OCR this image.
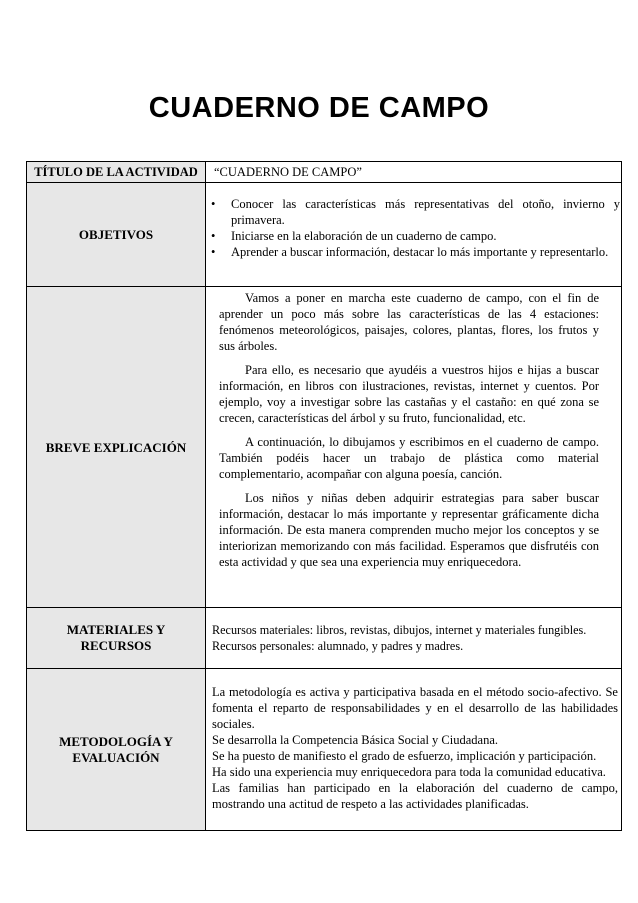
CUADERNO DE CAMPO
TÍTULO DE LA ACTIVIDAD	“CUADERNO DE CAMPO”
OBJETIVOS
• Conocer las características más representativas del otoño, invierno y primavera.
• Iniciarse en la elaboración de un cuaderno de campo.
• Aprender a buscar información, destacar lo más importante y representarlo.
BREVE EXPLICACIÓN

Vamos a poner en marcha este cuaderno de campo, con el fin de aprender un poco más sobre las características de las 4 estaciones: fenómenos meteorológicos, paisajes, colores, plantas, flores, los frutos y sus árboles.

Para ello, es necesario que ayudéis a vuestros hijos e hijas a buscar información, en libros con ilustraciones, revistas, internet y cuentos. Por ejemplo, voy a investigar sobre las castañas y el castaño: en qué zona se crecen, características del árbol y su fruto, funcionalidad, etc.

A continuación, lo dibujamos y escribimos en el cuaderno de campo. También podéis hacer un trabajo de plástica como material complementario, acompañar con alguna poesía, canción.

Los niños y niñas deben adquirir estrategias para saber buscar información, destacar lo más importante y representar gráficamente dicha información. De esta manera comprenden mucho mejor los conceptos y se interiorizan memorizando con más facilidad. Esperamos que disfrutéis con esta actividad y que sea una experiencia muy enriquecedora.

MATERIALES Y
RECURSOS
Recursos materiales: libros, revistas, dibujos, internet y materiales fungibles.
Recursos personales: alumnado, y padres y madres.
METODOLOGÍA Y
EVALUACIÓN
La metodología es activa y participativa basada en el método socio-afectivo. Se fomenta el reparto de responsabilidades y en el desarrollo de las habilidades sociales.
Se desarrolla la Competencia Básica Social y Ciudadana.
Se ha puesto de manifiesto el grado de esfuerzo, implicación y participación.
Ha sido una experiencia muy enriquecedora para toda la comunidad educativa.
Las familias han participado en la elaboración del cuaderno de campo, mostrando una actitud de respeto a las actividades planificadas.
